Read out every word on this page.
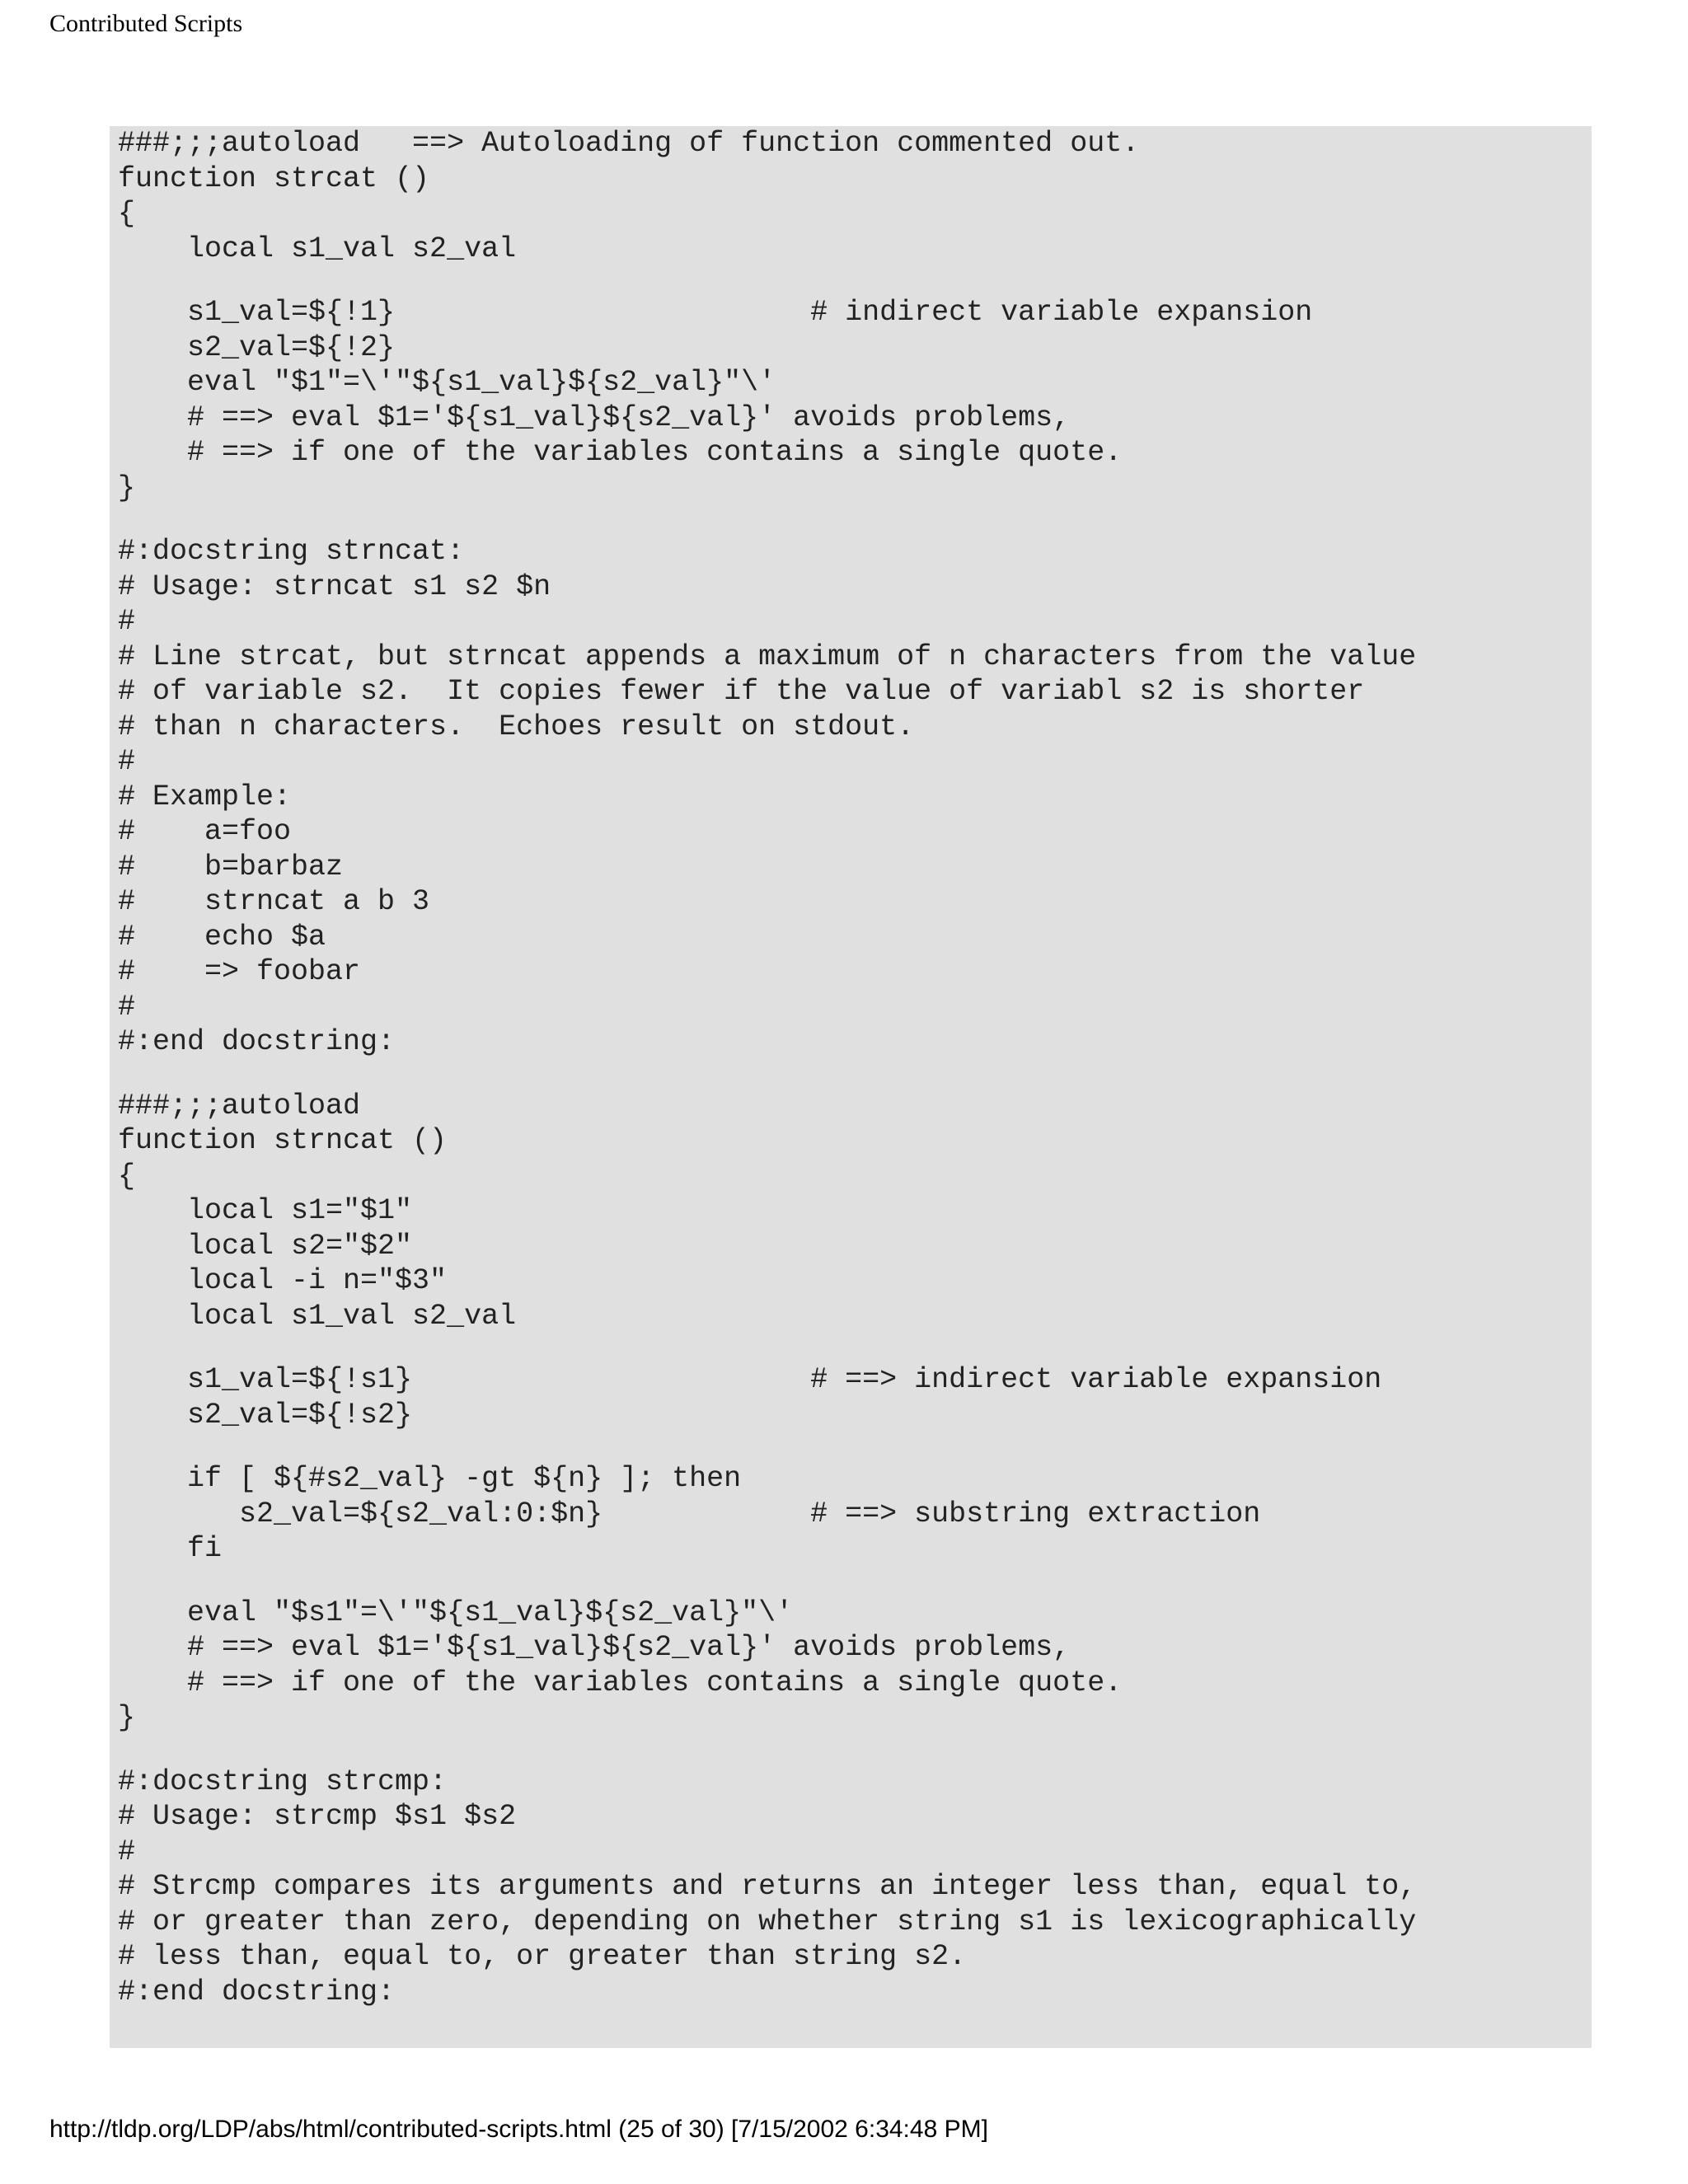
Contributed Scripts
###;;;autoload   ==> Autoloading of function commented out.
function strcat ()
{
local s1_val s2_val
s1_val=${!1}                        # indirect variable expansion
s2_val=${!2}
eval "$1"=\'"${s1_val}${s2_val}"\'
# ==> eval $1='${s1_val}${s2_val}' avoids problems,
# ==> if one of the variables contains a single quote.
}
#:docstring strncat:
# Usage: strncat s1 s2 $n
#
# Line strcat, but strncat appends a maximum of n characters from the value
# of variable s2.  It copies fewer if the value of variabl s2 is shorter
# than n characters.  Echoes result on stdout.
#
# Example:
#    a=foo
#    b=barbaz
#    strncat a b 3
#    echo $a
#    => foobar
#
#:end docstring:
###;;;autoload
function strncat ()
{
local s1="$1"
local s2="$2"
local -i n="$3"
local s1_val s2_val
s1_val=${!s1}                       # ==> indirect variable expansion
s2_val=${!s2}
if [ ${#s2_val} -gt ${n} ]; then
s2_val=${s2_val:0:$n}            # ==> substring extraction
fi
eval "$s1"=\'"${s1_val}${s2_val}"\'
# ==> eval $1='${s1_val}${s2_val}' avoids problems,
# ==> if one of the variables contains a single quote.
}
#:docstring strcmp:
# Usage: strcmp $s1 $s2
#
# Strcmp compares its arguments and returns an integer less than, equal to,
# or greater than zero, depending on whether string s1 is lexicographically
# less than, equal to, or greater than string s2.
#:end docstring:
http://tldp.org/LDP/abs/html/contributed-scripts.html (25 of 30) [7/15/2002 6:34:48 PM]
